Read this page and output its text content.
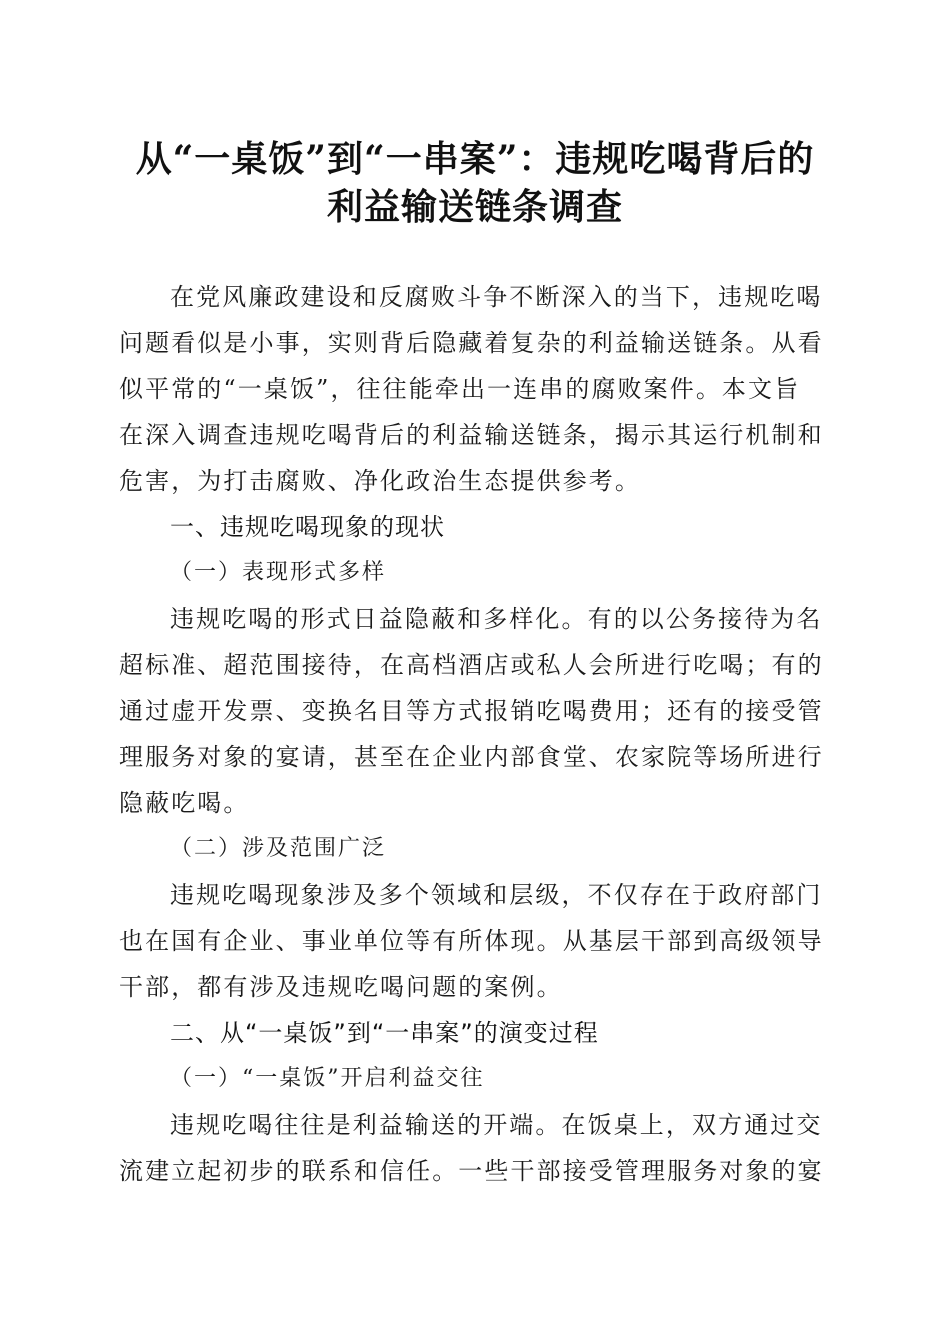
从“一桌饭”到“一串案”：违规吃喝背后的
利益输送链条调查
在党风廉政建设和反腐败斗争不断深入的当下，违规吃喝
问题看似是小事，实则背后隐藏着复杂的利益输送链条。从看
似平常的“一桌饭”，往往能牵出一连串的腐败案件。本文旨
在深入调查违规吃喝背后的利益输送链条，揭示其运行机制和
危害，为打击腐败、净化政治生态提供参考。
一、违规吃喝现象的现状
（一）表现形式多样
违规吃喝的形式日益隐蔽和多样化。有的以公务接待为名
超标准、超范围接待，在高档酒店或私人会所进行吃喝；有的
通过虚开发票、变换名目等方式报销吃喝费用；还有的接受管
理服务对象的宴请，甚至在企业内部食堂、农家院等场所进行
隐蔽吃喝。
（二）涉及范围广泛
违规吃喝现象涉及多个领域和层级，不仅存在于政府部门
也在国有企业、事业单位等有所体现。从基层干部到高级领导
干部，都有涉及违规吃喝问题的案例。
二、从“一桌饭”到“一串案”的演变过程
（一）“一桌饭”开启利益交往
违规吃喝往往是利益输送的开端。在饭桌上，双方通过交
流建立起初步的联系和信任。一些干部接受管理服务对象的宴
